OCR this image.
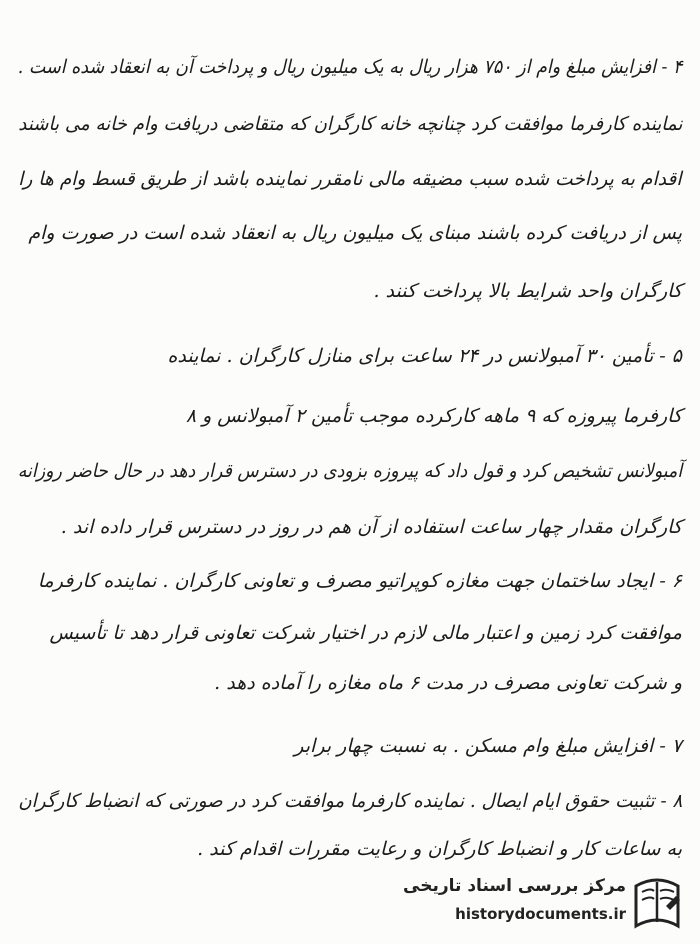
۴ - افزایش مبلغ وام از ۷۵۰ هزار ریال به یک میلیون ریال و پرداخت آن به انعقاد شده است .
نماینده کارفرما موافقت کرد چنانچه خانه کارگران که متقاضی دریافت وام خانه می باشند
اقدام به پرداخت شده سبب مضیقه مالی نامقرر نماینده باشد از طریق قسط وام ها را
پس از دریافت کرده باشند مبنای یک میلیون ریال به انعقاد شده است در صورت وام
کارگران واحد شرایط بالا پرداخت کنند .
۵ - تأمین ۳۰ آمبولانس در ۲۴ ساعت برای منازل کارگران . نماینده
کارفرما پیروزه که ۹ ماهه کارکرده موجب تأمین ۲ آمبولانس و ۸
آمبولانس تشخیص کرد و قول داد که پیروزه بزودی در دسترس قرار دهد در حال حاضر روزانه
کارگران مقدار چهار ساعت استفاده از آن هم در روز در دسترس قرار داده اند .
۶ - ایجاد ساختمان جهت مغازه کوپراتیو مصرف و تعاونی کارگران . نماینده کارفرما
موافقت کرد زمین و اعتبار مالی لازم در اختیار شرکت تعاونی قرار دهد تا تأسیس
و شرکت تعاونی مصرف در مدت ۶ ماه مغازه را آماده دهد .
۷ - افزایش مبلغ وام مسکن . به نسبت چهار برابر
۸ - تثبیت حقوق ایام ایصال . نماینده کارفرما موافقت کرد در صورتی که انضباط کارگران
به ساعات کار و انضباط کارگران و رعایت مقررات اقدام کند .
مرکز بررسی اسناد تاریخی
historydocuments.ir
